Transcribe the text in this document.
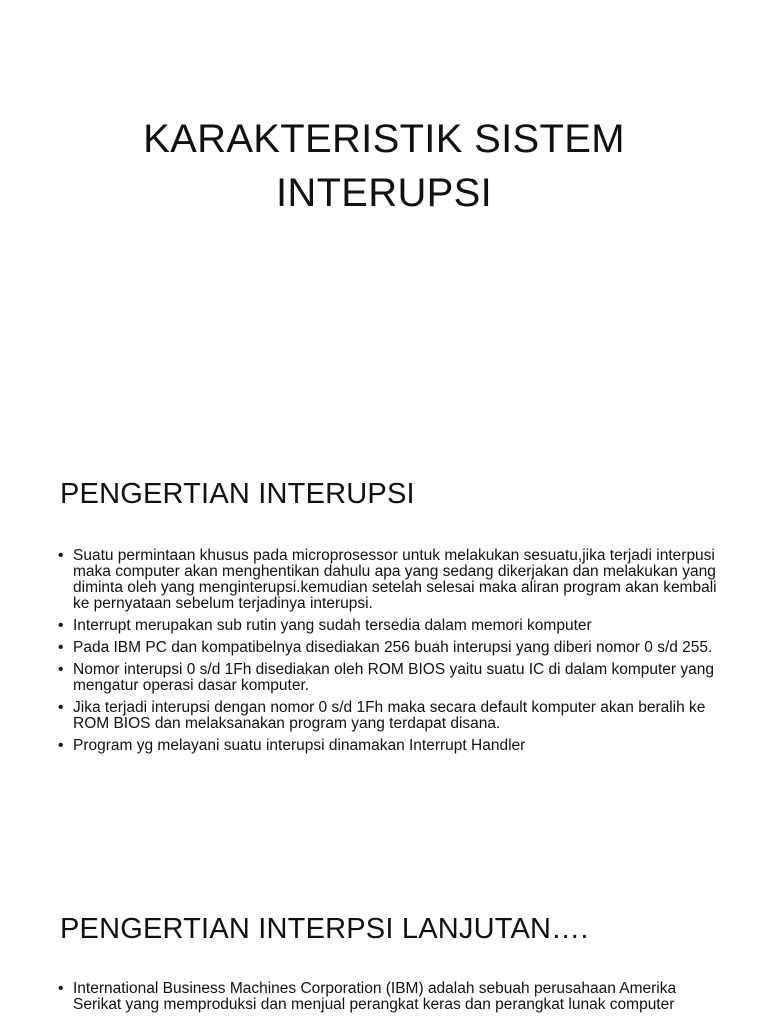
KARAKTERISTIK SISTEM
INTERUPSI
PENGERTIAN INTERUPSI
• Suatu permintaan khusus pada microprosessor untuk melakukan sesuatu,jika terjadi interpusi maka computer akan menghentikan dahulu apa yang sedang dikerjakan dan melakukan yang diminta oleh yang menginterupsi.kemudian setelah selesai maka aliran program akan kembali ke pernyataan sebelum terjadinya interupsi.
• Interrupt merupakan sub rutin yang sudah tersedia dalam memori komputer
• Pada IBM PC dan kompatibelnya disediakan 256 buah interupsi yang diberi nomor 0 s/d 255.
• Nomor interupsi 0 s/d 1Fh disediakan oleh ROM BIOS yaitu suatu IC di dalam komputer yang mengatur operasi dasar komputer.
• Jika terjadi interupsi dengan nomor 0 s/d 1Fh maka secara default komputer akan beralih ke ROM BIOS dan melaksanakan program yang terdapat disana.
• Program yg melayani suatu interupsi dinamakan Interrupt Handler
PENGERTIAN INTERPSI LANJUTAN….
• International Business Machines Corporation (IBM) adalah sebuah perusahaan Amerika Serikat yang memproduksi dan menjual perangkat keras dan perangkat lunak computer
